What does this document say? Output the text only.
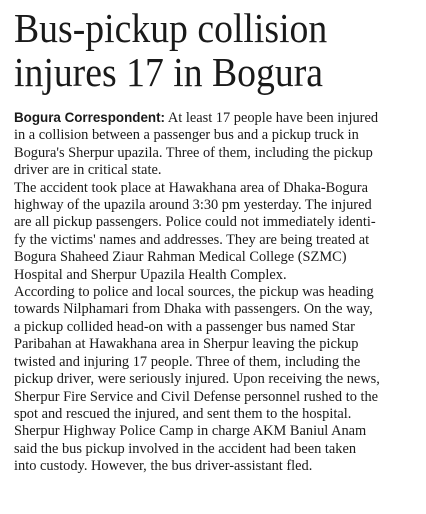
Bus-pickup collision
injures 17 in Bogura

Bogura Correspondent: At least 17 people have been injured
in a collision between a passenger bus and a pickup truck in
Bogura's Sherpur upazila. Three of them, including the pickup
driver are in critical state.

The accident took place at Hawakhana area of Dhaka-Bogura
highway of the upazila around 3:30 pm yesterday. The injured
are all pickup passengers. Police could not immediately identi-
fy the victims' names and addresses. They are being treated at
Bogura Shaheed Ziaur Rahman Medical College (SZMC)
Hospital and Sherpur Upazila Health Complex.

According to police and local sources, the pickup was heading
towards Nilphamari from Dhaka with passengers. On the way,
a pickup collided head-on with a passenger bus named Star
Paribahan at Hawakhana area in Sherpur leaving the pickup
twisted and injuring 17 people. Three of them, including the
pickup driver, were seriously injured. Upon receiving the news,
Sherpur Fire Service and Civil Defense personnel rushed to the
spot and rescued the injured, and sent them to the hospital.

Sherpur Highway Police Camp in charge AKM Baniul Anam
said the bus pickup involved in the accident had been taken
into custody. However, the bus driver-assistant fled.
